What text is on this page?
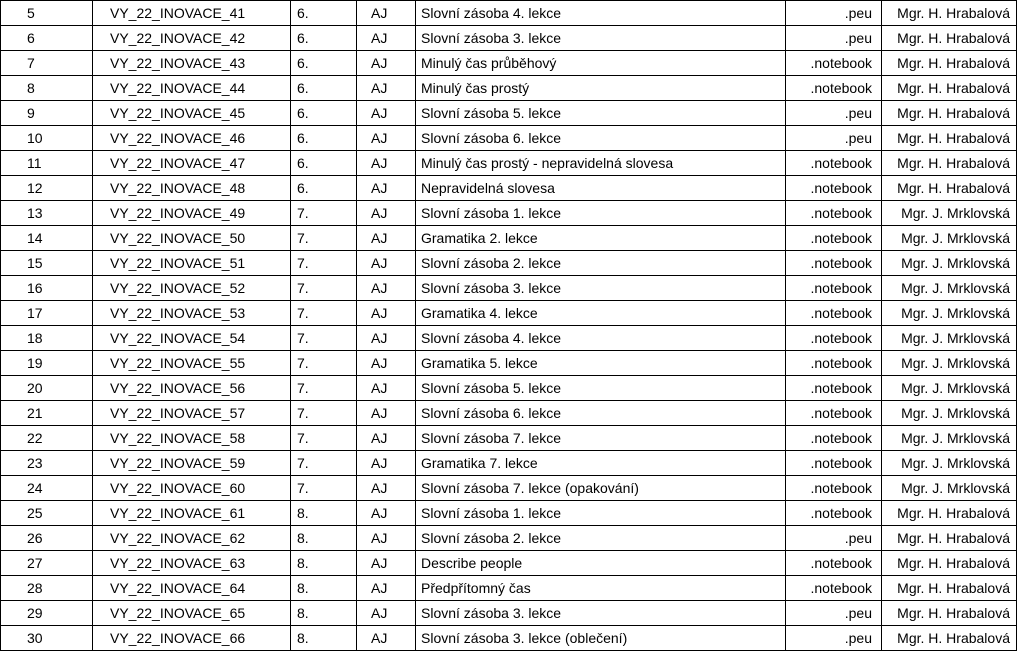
5	VY_22_INOVACE_41	6.	AJ	Slovní zásoba 4. lekce	.peu	Mgr. H. Hrabalová
6	VY_22_INOVACE_42	6.	AJ	Slovní zásoba 3. lekce	.peu	Mgr. H. Hrabalová
7	VY_22_INOVACE_43	6.	AJ	Minulý čas průběhový	.notebook	Mgr. H. Hrabalová
8	VY_22_INOVACE_44	6.	AJ	Minulý čas prostý	.notebook	Mgr. H. Hrabalová
9	VY_22_INOVACE_45	6.	AJ	Slovní zásoba 5. lekce	.peu	Mgr. H. Hrabalová
10	VY_22_INOVACE_46	6.	AJ	Slovní zásoba 6. lekce	.peu	Mgr. H. Hrabalová
11	VY_22_INOVACE_47	6.	AJ	Minulý čas prostý - nepravidelná slovesa	.notebook	Mgr. H. Hrabalová
12	VY_22_INOVACE_48	6.	AJ	Nepravidelná slovesa	.notebook	Mgr. H. Hrabalová
13	VY_22_INOVACE_49	7.	AJ	Slovní zásoba 1. lekce	.notebook	Mgr. J. Mrklovská
14	VY_22_INOVACE_50	7.	AJ	Gramatika 2. lekce	.notebook	Mgr. J. Mrklovská
15	VY_22_INOVACE_51	7.	AJ	Slovní zásoba 2. lekce	.notebook	Mgr. J. Mrklovská
16	VY_22_INOVACE_52	7.	AJ	Slovní zásoba 3. lekce	.notebook	Mgr. J. Mrklovská
17	VY_22_INOVACE_53	7.	AJ	Gramatika 4. lekce	.notebook	Mgr. J. Mrklovská
18	VY_22_INOVACE_54	7.	AJ	Slovní zásoba 4. lekce	.notebook	Mgr. J. Mrklovská
19	VY_22_INOVACE_55	7.	AJ	Gramatika 5. lekce	.notebook	Mgr. J. Mrklovská
20	VY_22_INOVACE_56	7.	AJ	Slovní zásoba 5. lekce	.notebook	Mgr. J. Mrklovská
21	VY_22_INOVACE_57	7.	AJ	Slovní zásoba 6. lekce	.notebook	Mgr. J. Mrklovská
22	VY_22_INOVACE_58	7.	AJ	Slovní zásoba 7. lekce	.notebook	Mgr. J. Mrklovská
23	VY_22_INOVACE_59	7.	AJ	Gramatika 7. lekce	.notebook	Mgr. J. Mrklovská
24	VY_22_INOVACE_60	7.	AJ	Slovní zásoba 7. lekce (opakování)	.notebook	Mgr. J. Mrklovská
25	VY_22_INOVACE_61	8.	AJ	Slovní zásoba 1. lekce	.notebook	Mgr. H. Hrabalová
26	VY_22_INOVACE_62	8.	AJ	Slovní zásoba 2. lekce	.peu	Mgr. H. Hrabalová
27	VY_22_INOVACE_63	8.	AJ	Describe people	.notebook	Mgr. H. Hrabalová
28	VY_22_INOVACE_64	8.	AJ	Předpřítomný čas	.notebook	Mgr. H. Hrabalová
29	VY_22_INOVACE_65	8.	AJ	Slovní zásoba 3. lekce	.peu	Mgr. H. Hrabalová
30	VY_22_INOVACE_66	8.	AJ	Slovní zásoba 3. lekce (oblečení)	.peu	Mgr. H. Hrabalová
